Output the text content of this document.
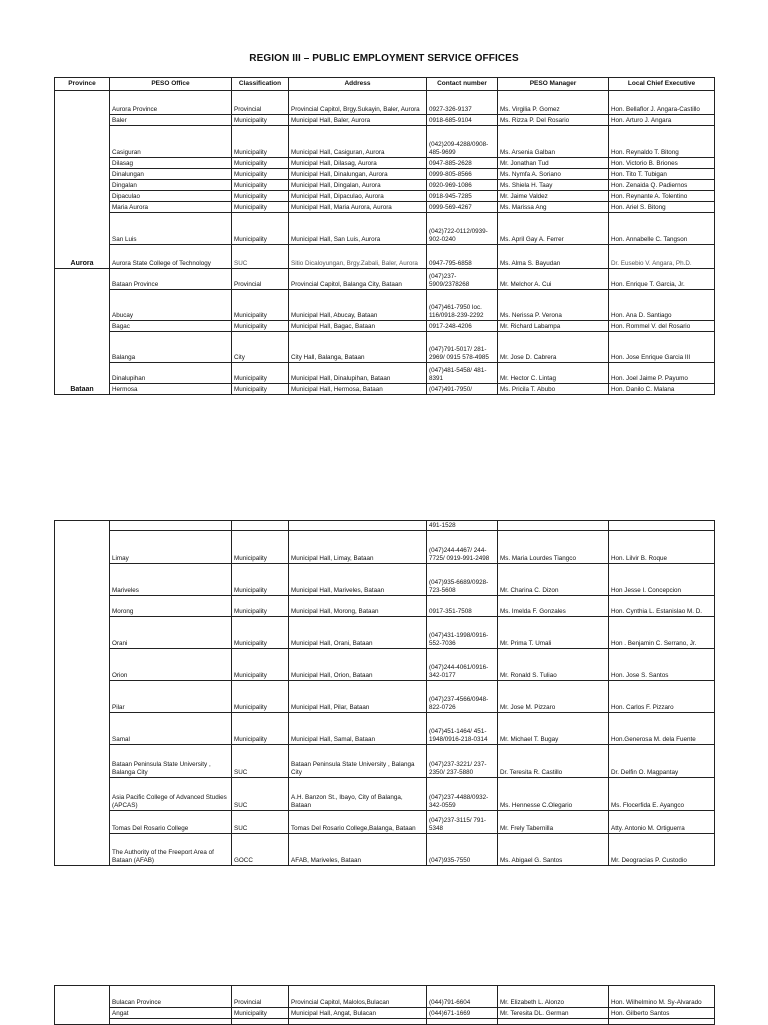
REGION III – PUBLIC EMPLOYMENT SERVICE OFFICES
Province	PESO Office	Classification	Address	Contact number	PESO Manager	Local Chief Executive
Aurora	Aurora Province	Provincial	Provincial Capitol, Brgy.Sukayin, Baler, Aurora	0927-326-9137	Ms. Virgilia P. Gomez	Hon. Bellaflor J. Angara-Castillo
	Baler	Municipality	Municipal Hall, Baler, Aurora	0918-685-9104	Ms. Rizza P. Del Rosario	Hon. Arturo J. Angara
	Casiguran	Municipality	Municipal Hall, Casiguran, Aurora	(042)209-4288/0908-485-9699	Ms. Arsenia Galban	Hon. Reynaldo T. Bitong
	Dilasag	Municipality	Municipal Hall, Dilasag, Aurora	0947-885-2628	Mr. Jonathan Tud	Hon. Victorio B. Briones
	Dinalungan	Municipality	Municipal Hall, Dinalungan, Aurora	0999-805-8566	Ms. Nymfa A. Soriano	Hon. Tito T. Tubigan
	Dingalan	Municipality	Municipal Hall, Dingalan, Aurora	0920-969-1086	Ms. Shiela H. Taay	Hon. Zenaida Q. Padiernos
	Dipaculao	Municipality	Municipal Hall, Dipaculao, Aurora	0918-945-7285	Mr. Jaime Valdez	Hon. Reynante A. Tolentino
	Maria Aurora	Municipality	Municipal Hall, Maria Aurora, Aurora	0999-569-4267	Ms. Marissa Ang	Hon. Ariel S. Bitong
	San Luis	Municipality	Municipal Hall, San Luis, Aurora	(042)722-0112/0939-902-0240	Ms. April Gay A. Ferrer	Hon. Annabelle C. Tangson
	Aurora State College of Technology	SUC	Sitio Dicaloyungan, Brgy.Zabali, Baler, Aurora	0947-795-6858	Ms. Alma S. Bayudan	Dr. Eusebio V. Angara, Ph.D.
Bataan	Bataan Province	Provincial	Provincial Capitol, Balanga City, Bataan	(047)237-5909/2378268	Mr. Melchor A. Cui	Hon. Enrique T. Garcia, Jr.
	Abucay	Municipality	Municipal Hall, Abucay, Bataan	(047)461-7950 loc. 116/0918-239-2292	Ms. Nerissa P. Verona	Hon. Ana D. Santiago
	Bagac	Municipality	Municipal Hall, Bagac, Bataan	0917-248-4206	Mr. Richard Labampa	Hon. Rommel V. del Rosario
	Balanga	City	City Hall, Balanga, Bataan	(047)791-5017/ 281-2969/ 0915 578-4985	Mr. Jose D. Cabrera	Hon. Jose Enrique Garcia III
	Dinalupihan	Municipality	Municipal Hall, Dinalupihan, Bataan	(047)481-5458/ 481-8391	Mr. Hector C. Lintag	Hon. Joel Jaime P. Payumo
	Hermosa	Municipality	Municipal Hall, Hermosa, Bataan	(047)491-7950/	Ms. Pricila T. Abubo	Hon. Danilo C. Malana
				491-1528		
	Limay	Municipality	Municipal Hall, Limay, Bataan	(047)244-4467/ 244-7725/ 0919-991-2498	Ms. Maria Lourdes Tiangco	Hon. Lilvir B. Roque
	Mariveles	Municipality	Municipal Hall, Mariveles, Bataan	(047)935-6689/0928-723-5608	Mr. Charina C. Dizon	Hon Jesse I. Concepcion
	Morong	Municipality	Municipal Hall, Morong, Bataan	0917-351-7508	Ms. Imelda F. Gonzales	Hon. Cynthia L. Estanislao M. D.
	Orani	Municipality	Municipal Hall, Orani, Bataan	(047)431-1998/0916-552-7036	Mr. Prima T. Umali	Hon . Benjamin C. Serrano, Jr.
	Orion	Municipality	Municipal Hall, Orion, Bataan	(047)244-4061/0916-342-0177	Mr. Ronald S. Tuliao	Hon. Jose S. Santos
	Pilar	Municipality	Municipal Hall, Pilar, Bataan	(047)237-4566/0948-822-0726	Mr. Jose M. Pizzaro	Hon. Carlos F. Pizzaro
	Samal	Municipality	Municipal Hall, Samal, Bataan	(047)451-1464/ 451-1948/0916-218-0314	Mr. Michael T. Bugay	Hon.Generosa M. dela Fuente
	Bataan Peninsula State University , Balanga City	SUC	Bataan Peninsula State University , Balanga City	(047)237-3221/ 237-2350/ 237-5880	Dr. Teresita R. Castillo	Dr. Delfin O. Magpantay
	Asia Pacific College of Advanced Studies (APCAS)	SUC	A.H. Banzon St., Ibayo, City of Balanga, Bataan	(047)237-4488/0932-342-0559	Ms. Hennesse C.Olegario	Ms. Flocerfida E. Ayangco
	Tomas Del Rosario College	SUC	Tomas Del Rosario College,Balanga, Bataan	(047)237-3115/ 791-5348	Mr. Frely Tabernilla	Atty. Antonio M. Ortiguerra
	The Authority of the Freeport Area of Bataan (AFAB)	GOCC	AFAB, Mariveles, Bataan	(047)935-7550	Ms. Abigael G. Santos	Mr. Deogracias P. Custodio
	Bulacan Province	Provincial	Provincial Capitol, Malolos,Bulacan	(044)791-6604	Mr. Elizabeth L. Alonzo	Hon. Wilhelmino M. Sy-Alvarado
	Angat	Municipality	Municipal Hall, Angat, Bulacan	(044)671-1669	Mr. Teresita DL. German	Hon. Gilberto Santos
